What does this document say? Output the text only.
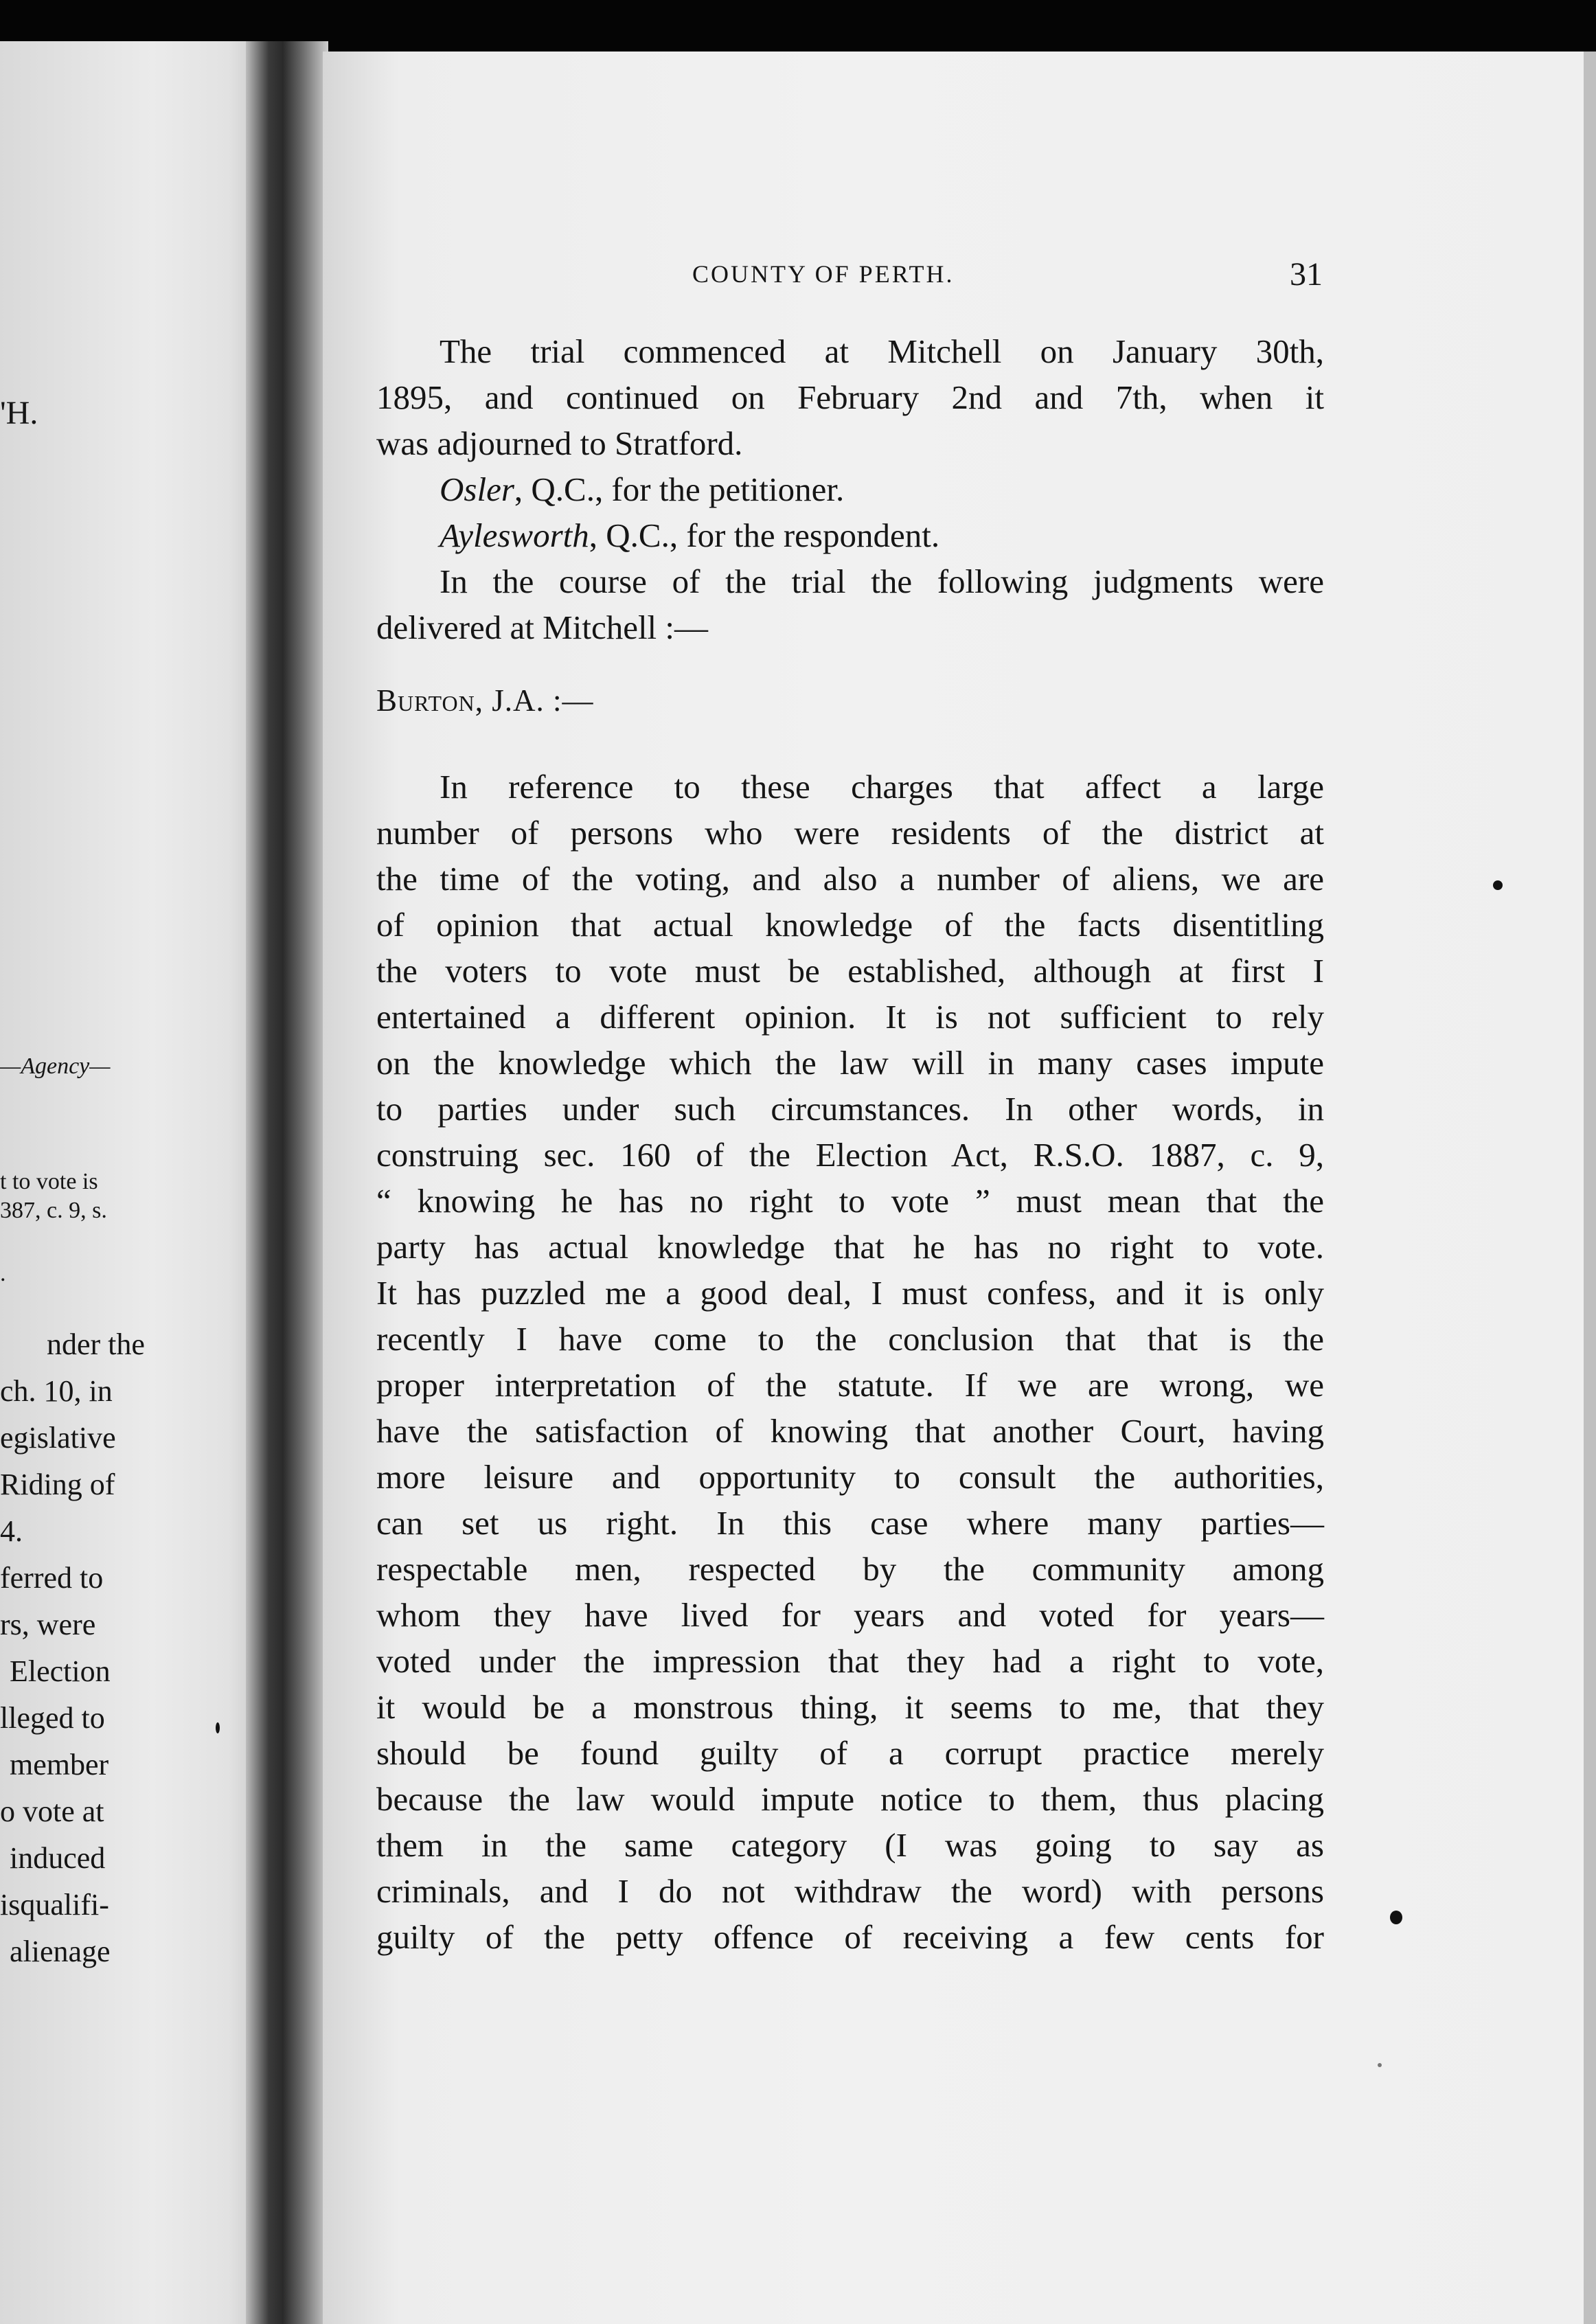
'H.
—Agency—
t to vote is
387, c. 9, s.
.
nder the
ch. 10, in
egislative
Riding of
4.
ferred to
rs, were
Election
lleged to
member
o vote at
induced
isqualifi-
alienage
COUNTY OF PERTH.	31
The trial commenced at Mitchell on January 30th,
1895, and continued on February 2nd and 7th, when it
was adjourned to Stratford.
Osler, Q.C., for the petitioner.
Aylesworth, Q.C., for the respondent.
In the course of the trial the following judgments were
delivered at Mitchell :—
Burton, J.A. :—
In reference to these charges that affect a large
number of persons who were residents of the district at
the time of the voting, and also a number of aliens, we are
of opinion that actual knowledge of the facts disentitling
the voters to vote must be established, although at first I
entertained a different opinion. It is not sufficient to rely
on the knowledge which the law will in many cases impute
to parties under such circumstances. In other words, in
construing sec. 160 of the Election Act, R.S.O. 1887, c. 9,
“ knowing he has no right to vote ” must mean that the
party has actual knowledge that he has no right to vote.
It has puzzled me a good deal, I must confess, and it is only
recently I have come to the conclusion that that is the
proper interpretation of the statute. If we are wrong, we
have the satisfaction of knowing that another Court, having
more leisure and opportunity to consult the authorities,
can set us right. In this case where many parties—
respectable men, respected by the community among
whom they have lived for years and voted for years—
voted under the impression that they had a right to vote,
it would be a monstrous thing, it seems to me, that they
should be found guilty of a corrupt practice merely
because the law would impute notice to them, thus placing
them in the same category (I was going to say as
criminals, and I do not withdraw the word) with persons
guilty of the petty offence of receiving a few cents for
